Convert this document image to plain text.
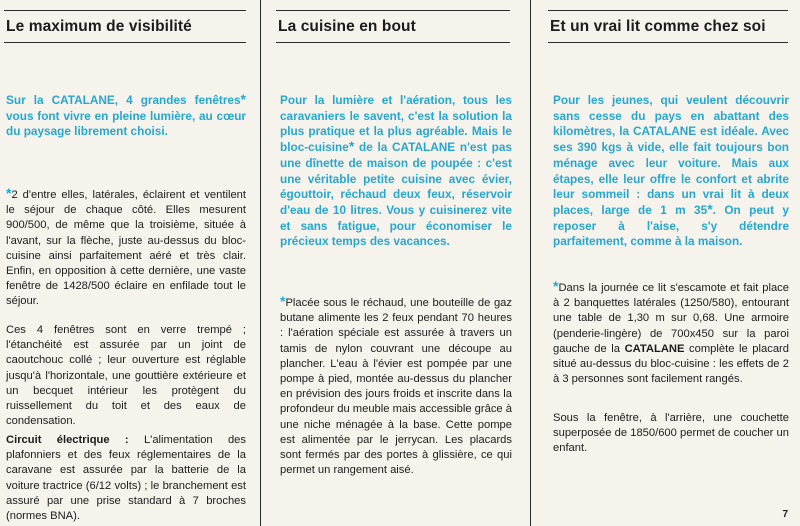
Le maximum de visibilité	La cuisine en bout	Et un vrai lit comme chez soi

Sur la CATALANE, 4 grandes fenêtres* vous font vivre en pleine lumière, au cœur du paysage librement choisi.

*2 d'entre elles, latérales, éclairent et ventilent le séjour de chaque côté. Elles mesurent 900/500, de même que la troisième, située à l'avant, sur la flèche, juste au-dessus du bloc-cuisine ainsi parfaitement aéré et très clair. Enfin, en opposition à cette dernière, une vaste fenêtre de 1428/500 éclaire en enfilade tout le séjour.

Ces 4 fenêtres sont en verre trempé ; l'étanchéité est assurée par un joint de caoutchouc collé ; leur ouverture est réglable jusqu'à l'horizontale, une gouttière extérieure et un becquet intérieur les protègent du ruissellement du toit et des eaux de condensation.

Circuit électrique : L'alimentation des plafonniers et des feux réglementaires de la caravane est assurée par la batterie de la voiture tractrice (6/12 volts) ; le branchement est assuré par une prise standard à 7 broches (normes BNA).

Pour la lumière et l'aération, tous les caravaniers le savent, c'est la solution la plus pratique et la plus agréable. Mais le bloc-cuisine* de la CATALANE n'est pas une dînette de maison de poupée : c'est une véritable petite cuisine avec évier, égouttoir, réchaud deux feux, réservoir d'eau de 10 litres. Vous y cuisinerez vite et sans fatigue, pour économiser le précieux temps des vacances.

*Placée sous le réchaud, une bouteille de gaz butane alimente les 2 feux pendant 70 heures : l'aération spéciale est assurée à travers un tamis de nylon couvrant une découpe au plancher. L'eau à l'évier est pompée par une pompe à pied, montée au-dessus du plancher en prévision des jours froids et inscrite dans la profondeur du meuble mais accessible grâce à une niche ménagée à la base. Cette pompe est alimentée par le jerrycan. Les placards sont fermés par des portes à glissière, ce qui permet un rangement aisé.

Pour les jeunes, qui veulent découvrir sans cesse du pays en abattant des kilomètres, la CATALANE est idéale. Avec ses 390 kgs à vide, elle fait toujours bon ménage avec leur voiture. Mais aux étapes, elle leur offre le confort et abrite leur sommeil : dans un vrai lit à deux places, large de 1 m 35*. On peut y reposer à l'aise, s'y détendre parfaitement, comme à la maison.

*Dans la journée ce lit s'escamote et fait place à 2 banquettes latérales (1250/580), entourant une table de 1,30 m sur 0,68. Une armoire (penderie-lingère) de 700x450 sur la paroi gauche de la CATALANE complète le placard situé au-dessus du bloc-cuisine : les effets de 2 à 3 personnes sont facilement rangés.

Sous la fenêtre, à l'arrière, une couchette superposée de 1850/600 permet de coucher un enfant.

7
